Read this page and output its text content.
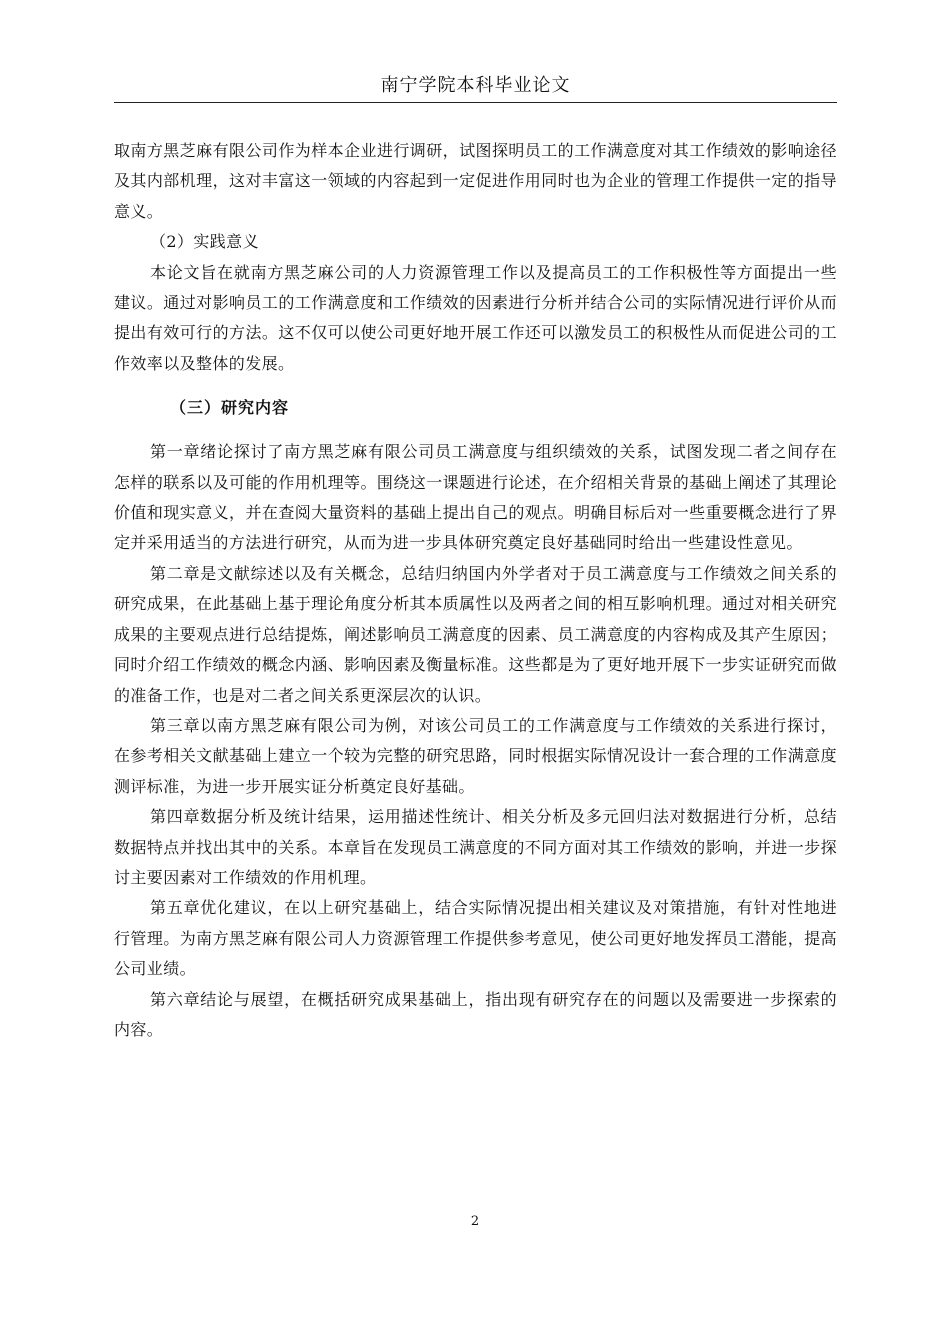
南宁学院本科毕业论文

取南方黑芝麻有限公司作为样本企业进行调研，试图探明员工的工作满意度对其工作绩效的影响途径及其内部机理，这对丰富这一领域的内容起到一定促进作用同时也为企业的管理工作提供一定的指导意义。

（2）实践意义

本论文旨在就南方黑芝麻公司的人力资源管理工作以及提高员工的工作积极性等方面提出一些建议。通过对影响员工的工作满意度和工作绩效的因素进行分析并结合公司的实际情况进行评价从而提出有效可行的方法。这不仅可以使公司更好地开展工作还可以激发员工的积极性从而促进公司的工作效率以及整体的发展。

（三）研究内容

第一章绪论探讨了南方黑芝麻有限公司员工满意度与组织绩效的关系，试图发现二者之间存在怎样的联系以及可能的作用机理等。围绕这一课题进行论述，在介绍相关背景的基础上阐述了其理论价值和现实意义，并在查阅大量资料的基础上提出自己的观点。明确目标后对一些重要概念进行了界定并采用适当的方法进行研究，从而为进一步具体研究奠定良好基础同时给出一些建设性意见。

第二章是文献综述以及有关概念，总结归纳国内外学者对于员工满意度与工作绩效之间关系的研究成果，在此基础上基于理论角度分析其本质属性以及两者之间的相互影响机理。通过对相关研究成果的主要观点进行总结提炼，阐述影响员工满意度的因素、员工满意度的内容构成及其产生原因；同时介绍工作绩效的概念内涵、影响因素及衡量标准。这些都是为了更好地开展下一步实证研究而做的准备工作，也是对二者之间关系更深层次的认识。

第三章以南方黑芝麻有限公司为例，对该公司员工的工作满意度与工作绩效的关系进行探讨，在参考相关文献基础上建立一个较为完整的研究思路，同时根据实际情况设计一套合理的工作满意度测评标准，为进一步开展实证分析奠定良好基础。

第四章数据分析及统计结果，运用描述性统计、相关分析及多元回归法对数据进行分析，总结数据特点并找出其中的关系。本章旨在发现员工满意度的不同方面对其工作绩效的影响，并进一步探讨主要因素对工作绩效的作用机理。

第五章优化建议，在以上研究基础上，结合实际情况提出相关建议及对策措施，有针对性地进行管理。为南方黑芝麻有限公司人力资源管理工作提供参考意见，使公司更好地发挥员工潜能，提高公司业绩。

第六章结论与展望，在概括研究成果基础上，指出现有研究存在的问题以及需要进一步探索的内容。

2
